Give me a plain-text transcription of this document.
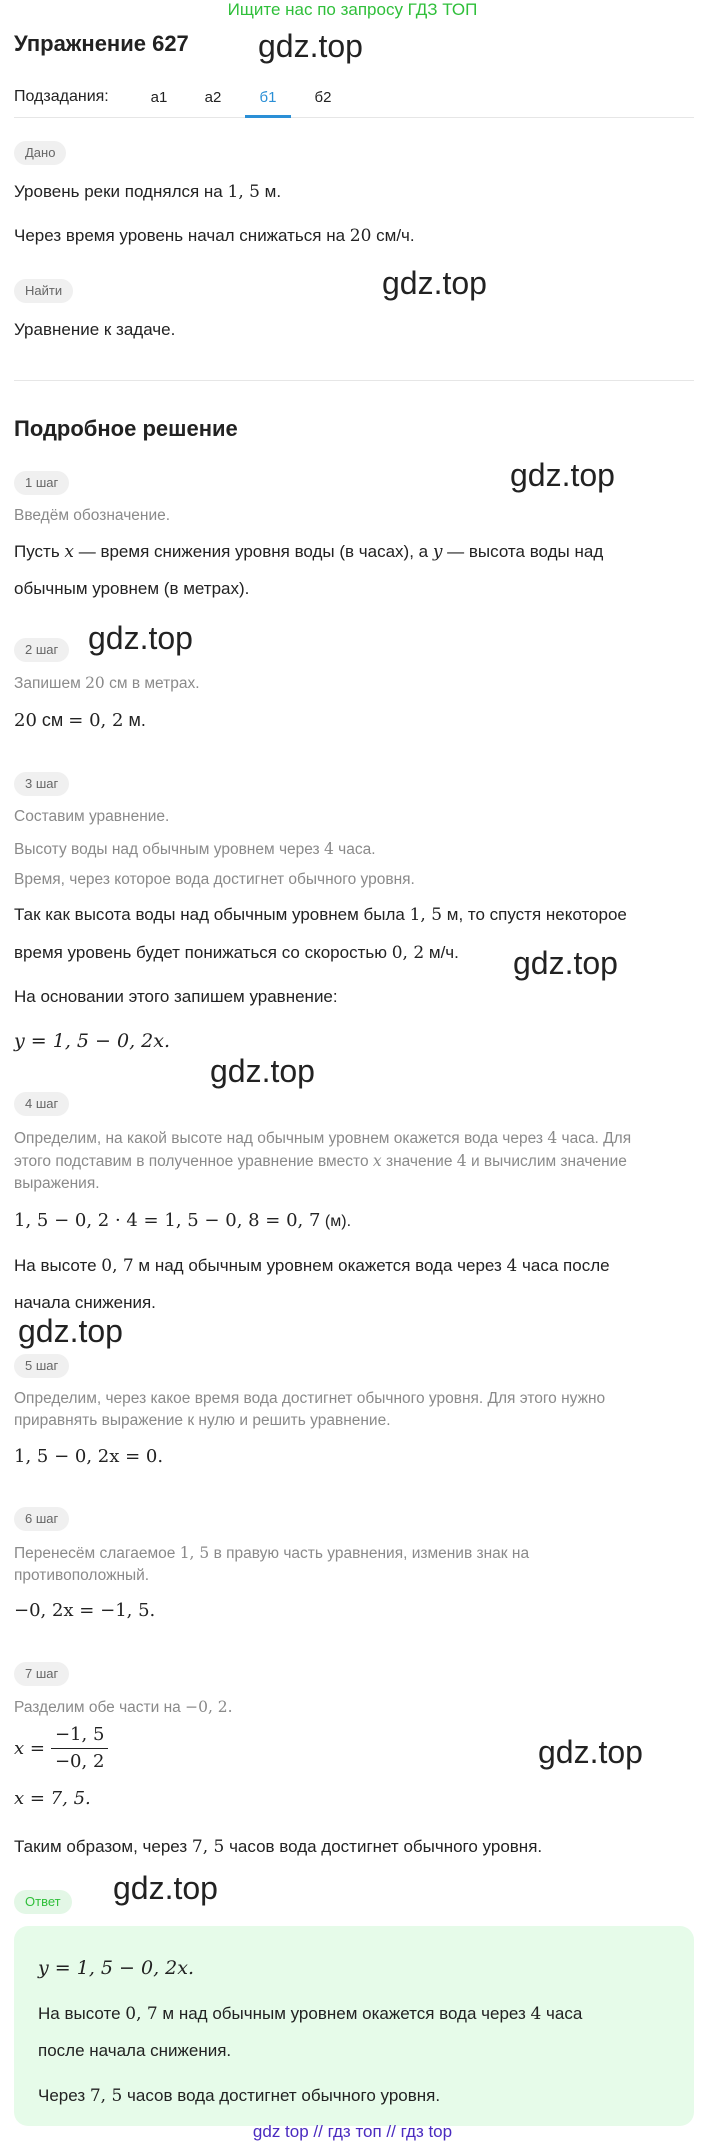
Ищите нас по запросу ГДЗ ТОП
Упражнение 627 gdz.top
gdz.top
gdz.top
gdz.top
gdz.top
gdz.top
gdz.top
gdz.top
gdz.top
Подзадания:	а1	а2	б1	б2
Дано
Уровень реки поднялся на 1, 5 м.
Через время уровень начал снижаться на 20 см/ч.
Найти
Уравнение к задаче.
Подробное решение
1 шаг
Введём обозначение.
Пусть x — время снижения уровня воды (в часах), а y — высота воды над
обычным уровнем (в метрах).
2 шаг
Запишем 20 см в метрах.
20 см = 0, 2 м.
3 шаг
Составим уравнение.
Высоту воды над обычным уровнем через 4 часа.
Время, через которое вода достигнет обычного уровня.
Так как высота воды над обычным уровнем была 1, 5 м, то спустя некоторое
время уровень будет понижаться со скоростью 0, 2 м/ч.
На основании этого запишем уравнение:
y = 1, 5 − 0, 2x.
4 шаг
Определим, на какой высоте над обычным уровнем окажется вода через 4 часа. Для
этого подставим в полученное уравнение вместо x значение 4 и вычислим значение
выражения.
1, 5 − 0, 2 · 4 = 1, 5 − 0, 8 = 0, 7 (м).
На высоте 0, 7 м над обычным уровнем окажется вода через 4 часа после
начала снижения.
5 шаг
Определим, через какое время вода достигнет обычного уровня. Для этого нужно
приравнять выражение к нулю и решить уравнение.
1, 5 − 0, 2x = 0.
6 шаг
Перенесём слагаемое 1, 5 в правую часть уравнения, изменив знак на
противоположный.
−0, 2x = −1, 5.
7 шаг
Разделим обе части на −0, 2.
$x = \frac{-1, 5}{-0, 2}$
x = 7, 5.
Таким образом, через 7, 5 часов вода достигнет обычного уровня.
Ответ
y = 1, 5 − 0, 2x.
На высоте 0, 7 м над обычным уровнем окажется вода через 4 часа
после начала снижения.
Через 7, 5 часов вода достигнет обычного уровня.
gdz top // гдз топ // гдз top
